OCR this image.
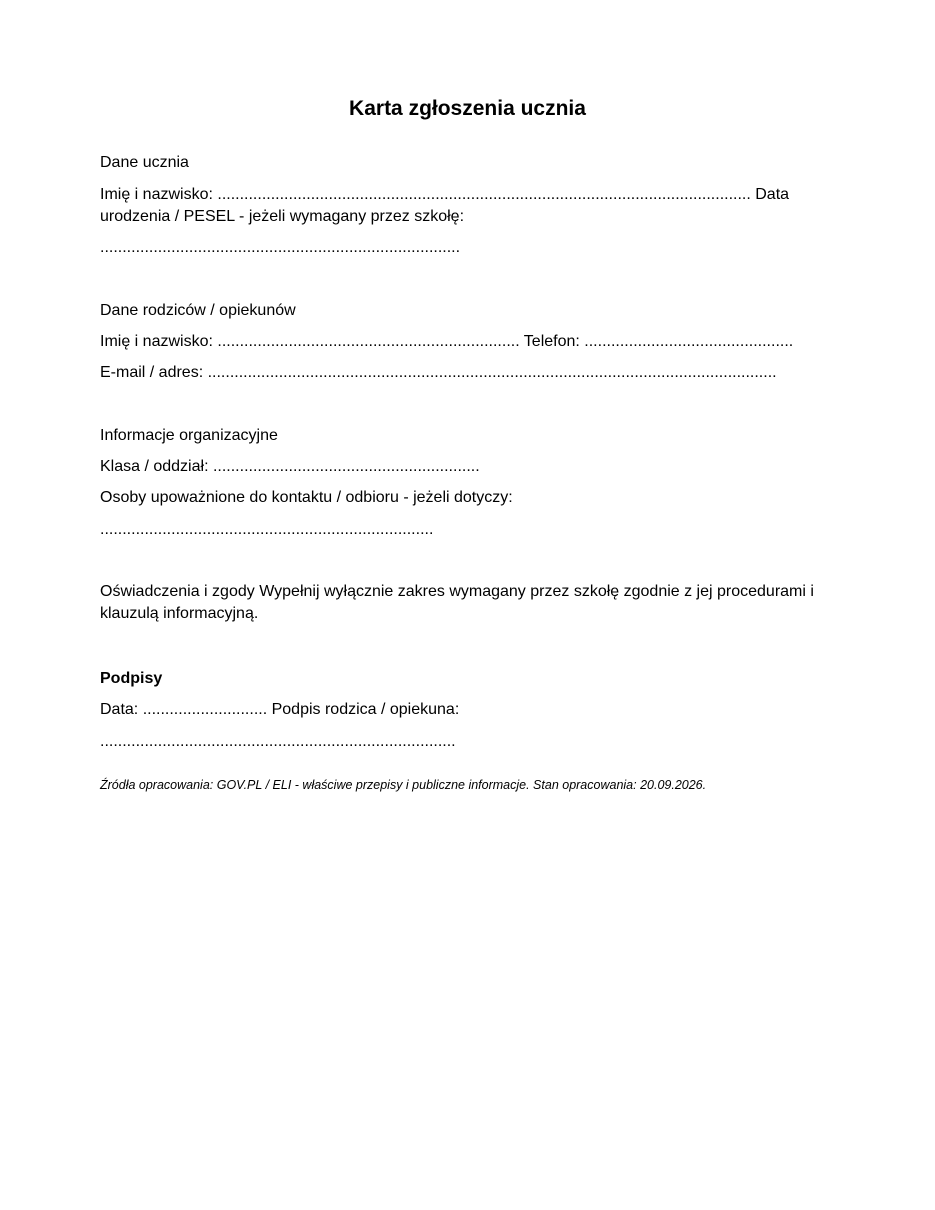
Karta zgłoszenia ucznia
Dane ucznia
Imię i nazwisko: ........................................................................................................................ Data urodzenia / PESEL - jeżeli wymagany przez szkołę:
.................................................................................
Dane rodziców / opiekunów
Imię i nazwisko: .................................................................... Telefon: ...............................................
E-mail / adres: ................................................................................................................................
Informacje organizacyjne
Klasa / oddział: ............................................................
Osoby upoważnione do kontaktu / odbioru - jeżeli dotyczy:
...........................................................................
Oświadczenia i zgody Wypełnij wyłącznie zakres wymagany przez szkołę zgodnie z jej procedurami i klauzulą informacyjną.
Podpisy
Data: ............................ Podpis rodzica / opiekuna:
................................................................................
Źródła opracowania: GOV.PL / ELI - właściwe przepisy i publiczne informacje. Stan opracowania: 20.09.2026.
